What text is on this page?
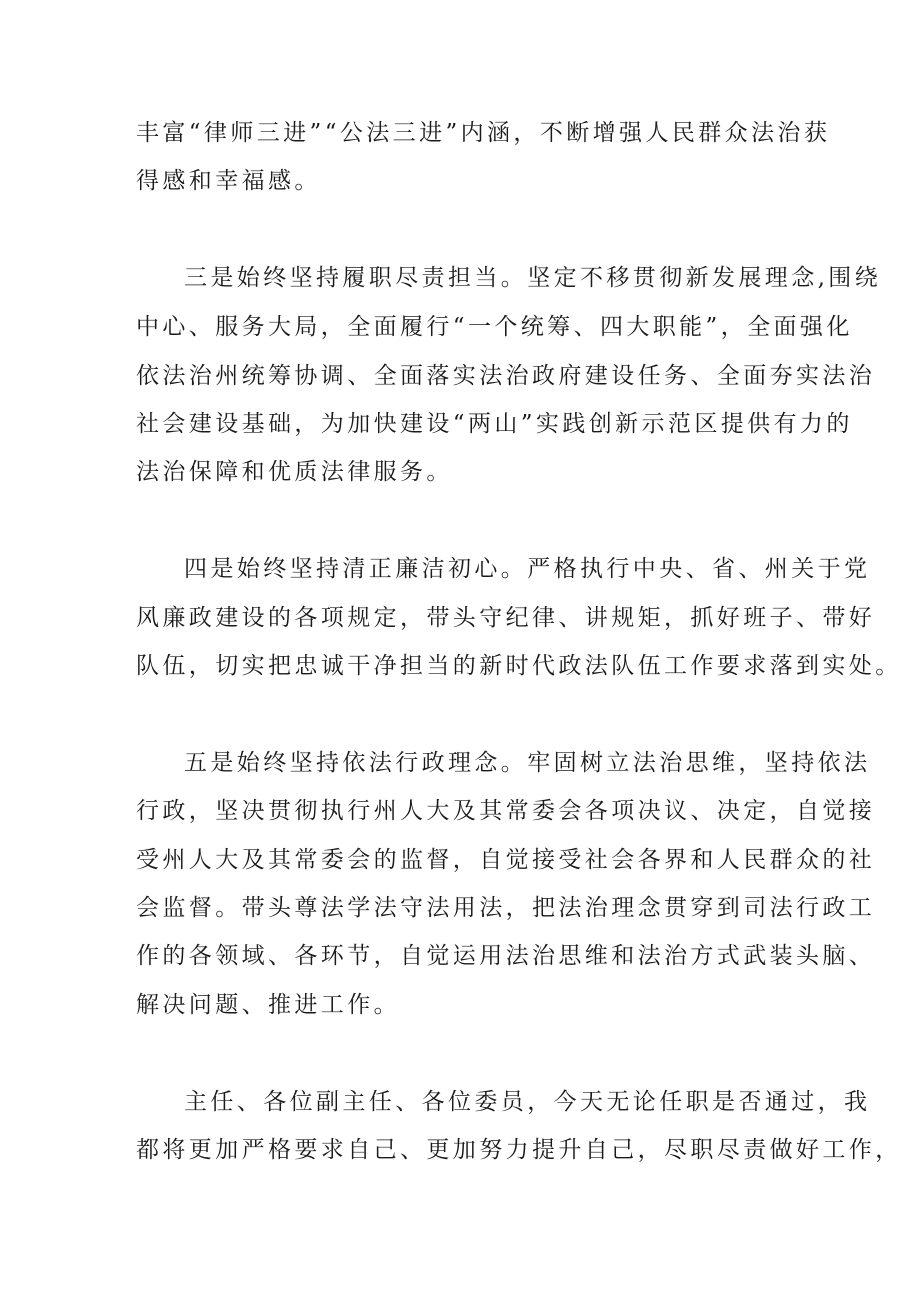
丰富“律师三进”“公法三进”内涵，不断增强人民群众法治获
得感和幸福感。
三是始终坚持履职尽责担当。坚定不移贯彻新发展理念,围绕
中心、服务大局，全面履行“一个统筹、四大职能”，全面强化
依法治州统筹协调、全面落实法治政府建设任务、全面夯实法治
社会建设基础，为加快建设“两山”实践创新示范区提供有力的
法治保障和优质法律服务。
四是始终坚持清正廉洁初心。严格执行中央、省、州关于党
风廉政建设的各项规定，带头守纪律、讲规矩，抓好班子、带好
队伍，切实把忠诚干净担当的新时代政法队伍工作要求落到实处。
五是始终坚持依法行政理念。牢固树立法治思维，坚持依法
行政，坚决贯彻执行州人大及其常委会各项决议、决定，自觉接
受州人大及其常委会的监督，自觉接受社会各界和人民群众的社
会监督。带头尊法学法守法用法，把法治理念贯穿到司法行政工
作的各领域、各环节，自觉运用法治思维和法治方式武装头脑、
解决问题、推进工作。
主任、各位副主任、各位委员，今天无论任职是否通过，我
都将更加严格要求自己、更加努力提升自己，尽职尽责做好工作，
